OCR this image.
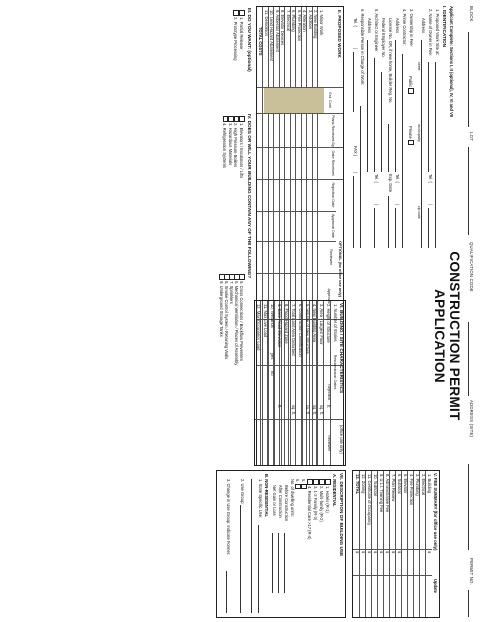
BLOCK
LOT
QUALIFICATION CODE
ADDRESS (SITE)
PERMIT NO.
CONSTRUCTION PERMIT
APPLICATION
Applicant Complete: Sections I, II (optional), IV, VI and VII
I. IDENTIFICATION
1. Proposed Work Site at:
2. Name of Owner in Fee:
Tel. (
)
Address
street
municipality
zip code
3. Ownership in Fee:
Public
Private
4. Prime Contractor:
Address
Tel. (
)
License No. OR, if new home, Builder Reg. No.
Exp. Date
Federal Employer No.
5. Architect or Engineer
Tel. (
)
Address
6. Responsible Person in Charge of Work:
Tel. (
)
FAX (
)
II. PROPOSED WORK
Est. Cost
OPTIONAL (for office use only)
Plans Received By
Date Received
Rejection Date
Approval Date
Reviewer
Resubmission Dates
Approval
Rejection
Reviewer
1. Minor Work
2. New Building
3. Addition
4. Alteration
5. Fire Protection
6. Plumbing
7. Electrical
8. Elevator Devices
9. Asbestos Abatement
10. Lead Hazard Abatement
11. Demolition
TOTAL COSTS
III. DO YOU WANT: (optional)
1. Partial Release
2. Prototype Processing
IV. DOES OR WILL YOUR BUILDING CONTAIN ANY OF THE FOLLOWING?
1. Elevators / Escalators / Lifts
2. High Pressure Boilers
3. Hazardous Materials
4. Refrigeration Systems
5. Cross Connections / Backflow Preventers
6. Mechanical Ventilation / Places of Assembly
7. Sprinklers
8. Smoke Control System / Retaining Walls
9. Underground Storage Tanks
V. FEE SUMMARY (for office use only)
Update
1. Building
$
2. Electrical
3. Plumbing
4. Fire Protection
5. Elevator
6. Subtotal
$
7. Plan Review
$
8. Administrative Fee
$
9. U.L.I. Training Fee
$
10. Subtotal
$
11. Certificate of Occupancy
$
12. Zoning
$
13. TOTAL
$
VI. BUILDING / SITE CHARACTERISTICS
(office use only)
1. Number of Stories
2. Height of Structure
ft.
3. Area - Largest Floor
sq. ft.
4. New Building Area
sq. ft.
5. Volume of New Structure
cu. ft.
6. Construction Classification
7. Total Land Area Disturbed
sq. ft.
8. Flood Hazard Zone
9. Base Flood Elevation
ft.
10. Wetlands
yes
no
11. Max Live Load
12. Max Occupancy Load
VII. DESCRIPTION OF BUILDING USE
A. RESIDENTIAL
1. Hotels (R-1)
2. Multi-family (R-2)
3. 1-2 Family (R-3)
4. Residential Care >17 (R-4)
5.
6.
No. of dwelling units:
Before Construction
After Construction
Net Gain or Loss
B. NON-RESIDENTIAL
1. State Specific Use:
2. Use Group:
3. Change in Use Group: Indicate Former:
